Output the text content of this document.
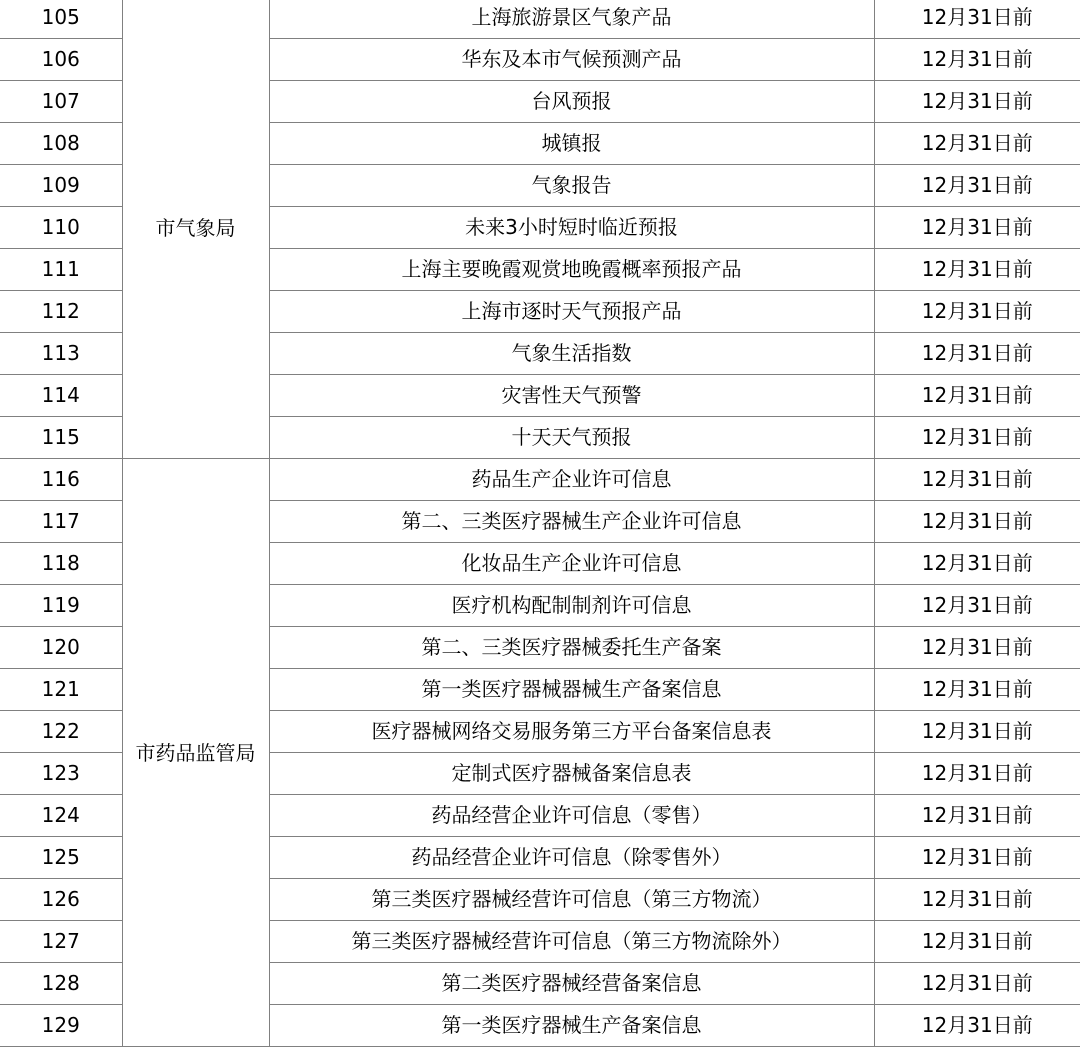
105	市气象局	上海旅游景区气象产品	12月31日前
106		华东及本市气候预测产品	12月31日前
107		台风预报	12月31日前
108		城镇报	12月31日前
109		气象报告	12月31日前
110		未来3小时短时临近预报	12月31日前
111		上海主要晚霞观赏地晚霞概率预报产品	12月31日前
112		上海市逐时天气预报产品	12月31日前
113		气象生活指数	12月31日前
114		灾害性天气预警	12月31日前
115		十天天气预报	12月31日前
116	市药品监管局	药品生产企业许可信息	12月31日前
117		第二、三类医疗器械生产企业许可信息	12月31日前
118		化妆品生产企业许可信息	12月31日前
119		医疗机构配制制剂许可信息	12月31日前
120		第二、三类医疗器械委托生产备案	12月31日前
121		第一类医疗器械器械生产备案信息	12月31日前
122		医疗器械网络交易服务第三方平台备案信息表	12月31日前
123		定制式医疗器械备案信息表	12月31日前
124		药品经营企业许可信息（零售）	12月31日前
125		药品经营企业许可信息（除零售外）	12月31日前
126		第三类医疗器械经营许可信息（第三方物流）	12月31日前
127		第三类医疗器械经营许可信息（第三方物流除外）	12月31日前
128		第二类医疗器械经营备案信息	12月31日前
129		第一类医疗器械生产备案信息	12月31日前
